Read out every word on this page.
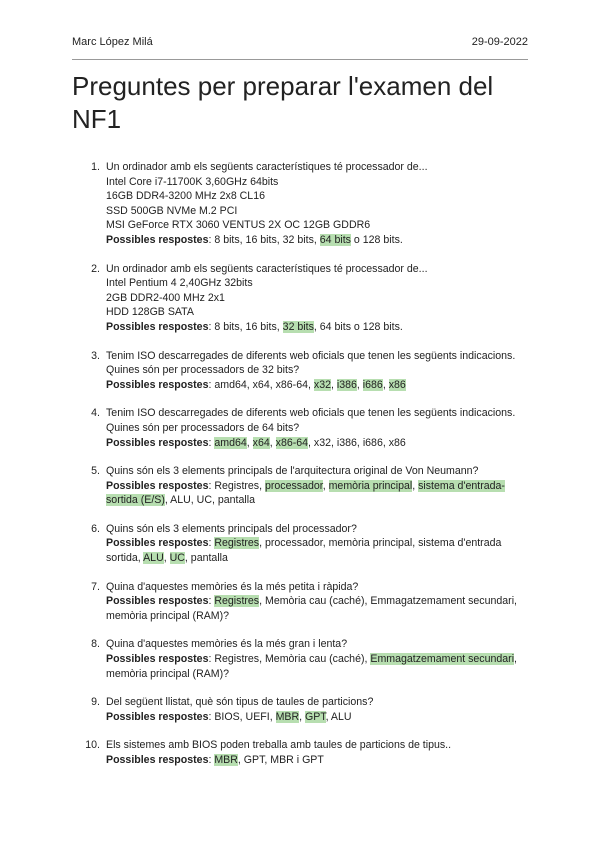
Marc López Milá	29-09-2022
Preguntes per preparar l'examen del NF1
1. Un ordinador amb els següents característiques té processador de...
Intel Core i7-11700K 3,60GHz 64bits
16GB DDR4-3200 MHz 2x8 CL16
SSD 500GB NVMe M.2 PCI
MSI GeForce RTX 3060 VENTUS 2X OC 12GB GDDR6
Possibles respostes: 8 bits, 16 bits, 32 bits, 64 bits o 128 bits.
2. Un ordinador amb els següents característiques té processador de...
Intel Pentium 4 2,40GHz 32bits
2GB DDR2-400 MHz 2x1
HDD 128GB SATA
Possibles respostes: 8 bits, 16 bits, 32 bits, 64 bits o 128 bits.
3. Tenim ISO descarregades de diferents web oficials que tenen les següents indicacions. Quines són per processadors de 32 bits?
Possibles respostes: amd64, x64, x86-64, x32, i386, i686, x86
4. Tenim ISO descarregades de diferents web oficials que tenen les següents indicacions. Quines són per processadors de 64 bits?
Possibles respostes: amd64, x64, x86-64, x32, i386, i686, x86
5. Quins són els 3 elements principals de l'arquitectura original de Von Neumann?
Possibles respostes: Registres, processador, memòria principal, sistema d'entrada-sortida (E/S), ALU, UC, pantalla
6. Quins són els 3 elements principals del processador?
Possibles respostes: Registres, processador, memòria principal, sistema d'entrada sortida, ALU, UC, pantalla
7. Quina d'aquestes memòries és la més petita i ràpida?
Possibles respostes: Registres, Memòria cau (caché), Emmagatzemament secundari, memòria principal (RAM)?
8. Quina d'aquestes memòries és la més gran i lenta?
Possibles respostes: Registres, Memòria cau (caché), Emmagatzemament secundari, memòria principal (RAM)?
9. Del següent llistat, què són tipus de taules de particions?
Possibles respostes: BIOS, UEFI, MBR, GPT, ALU
10. Els sistemes amb BIOS poden treballa amb taules de particions de tipus..
Possibles respostes: MBR, GPT, MBR i GPT
